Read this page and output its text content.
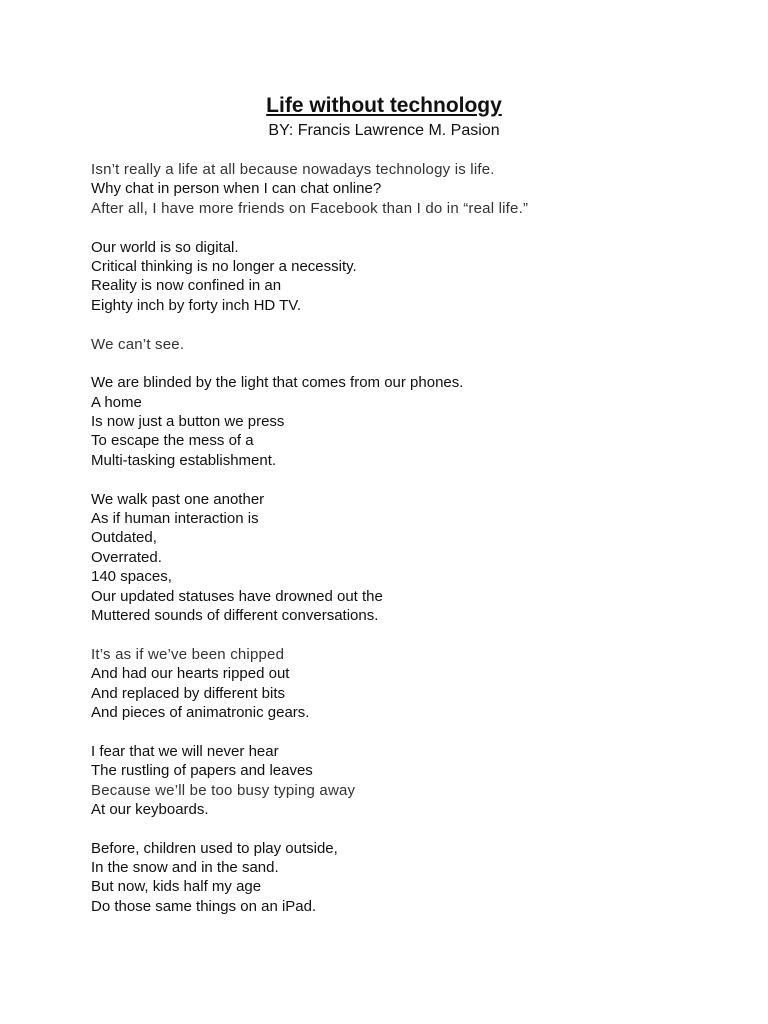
Life without technology

BY: Francis Lawrence M. Pasion

Isn’t really a life at all because nowadays technology is life.
Why chat in person when I can chat online?
After all, I have more friends on Facebook than I do in “real life.”
Our world is so digital.
Critical thinking is no longer a necessity.
Reality is now confined in an
Eighty inch by forty inch HD TV.
We can’t see.
We are blinded by the light that comes from our phones.
A home
Is now just a button we press
To escape the mess of a
Multi-tasking establishment.
We walk past one another
As if human interaction is
Outdated,
Overrated.
140 spaces,
Our updated statuses have drowned out the
Muttered sounds of different conversations.
It’s as if we’ve been chipped
And had our hearts ripped out
And replaced by different bits
And pieces of animatronic gears.
I fear that we will never hear
The rustling of papers and leaves
Because we’ll be too busy typing away
At our keyboards.
Before, children used to play outside,
In the snow and in the sand.
But now, kids half my age
Do those same things on an iPad.
